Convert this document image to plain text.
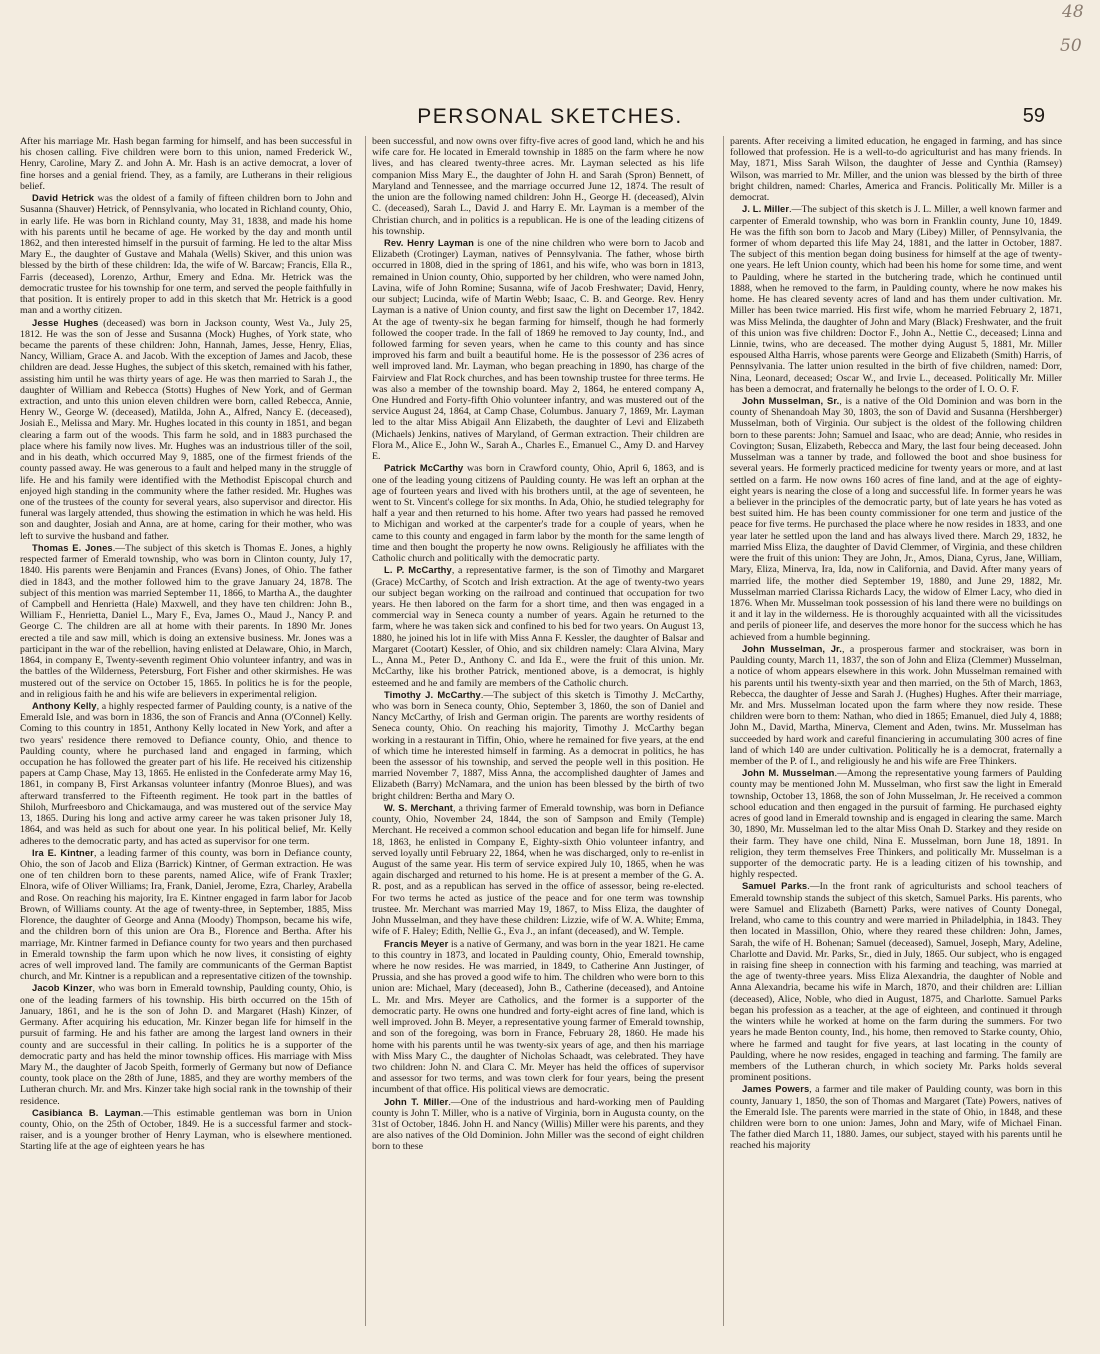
48
50
PERSONAL SKETCHES.	59

After his marriage Mr. Hash began farming for himself, and has been successful in his chosen calling. Five children were born to this union, named Frederick W., Henry, Caroline, Mary Z. and John A. Mr. Hash is an active democrat, a lover of fine horses and a genial friend. They, as a family, are Lutherans in their religious belief.

David Hetrick was the oldest of a family of fifteen children born to John and Susanna (Shauver) Hetrick, of Pennsylvania, who located in Richland county, Ohio, in early life. He was born in Richland county, May 31, 1838, and made his home with his parents until he became of age. He worked by the day and month until 1862, and then interested himself in the pursuit of farming. He led to the altar Miss Mary E., the daughter of Gustave and Mahala (Wells) Skiver, and this union was blessed by the birth of these children: Ida, the wife of W. Barcaw; Francis, Ella R., Farris (deceased), Lorenzo, Arthur, Emery and Edna. Mr. Hetrick was the democratic trustee for his township for one term, and served the people faithfully in that position. It is entirely proper to add in this sketch that Mr. Hetrick is a good man and a worthy citizen.

Jesse Hughes (deceased) was born in Jackson county, West Va., July 25, 1812. He was the son of Jesse and Susanna (Mock) Hughes, of York state, who became the parents of these children: John, Hannah, James, Jesse, Henry, Elias, Nancy, William, Grace A. and Jacob. With the exception of James and Jacob, these children are dead. Jesse Hughes, the subject of this sketch, remained with his father, assisting him until he was thirty years of age. He was then married to Sarah J., the daughter of William and Rebecca (Stotts) Hughes of New York, and of German extraction, and unto this union eleven children were born, called Rebecca, Annie, Henry W., George W. (deceased), Matilda, John A., Alfred, Nancy E. (deceased), Josiah E., Melissa and Mary. Mr. Hughes located in this county in 1851, and began clearing a farm out of the woods. This farm he sold, and in 1883 purchased the place where his family now lives. Mr. Hughes was an industrious tiller of the soil, and in his death, which occurred May 9, 1885, one of the firmest friends of the county passed away. He was generous to a fault and helped many in the struggle of life. He and his family were identified with the Methodist Episcopal church and enjoyed high standing in the community where the father resided. Mr. Hughes was one of the trustees of the county for several years, also supervisor and director. His funeral was largely attended, thus showing the estimation in which he was held. His son and daughter, Josiah and Anna, are at home, caring for their mother, who was left to survive the husband and father.

Thomas E. Jones.—The subject of this sketch is Thomas E. Jones, a highly respected farmer of Emerald township, who was born in Clinton county, July 17, 1840. His parents were Benjamin and Frances (Evans) Jones, of Ohio. The father died in 1843, and the mother followed him to the grave January 24, 1878. The subject of this mention was married September 11, 1866, to Martha A., the daughter of Campbell and Henrietta (Hale) Maxwell, and they have ten children: John B., William F., Henrietta, Daniel L., Mary F., Eva, James O., Maud J., Nancy P. and George C. The children are all at home with their parents. In 1890 Mr. Jones erected a tile and saw mill, which is doing an extensive business. Mr. Jones was a participant in the war of the rebellion, having enlisted at Delaware, Ohio, in March, 1864, in company E, Twenty-seventh regiment Ohio volunteer infantry, and was in the battles of the Wilderness, Petersburg, Fort Fisher and other skirmishes. He was mustered out of the service on October 15, 1865. In politics he is for the people, and in religious faith he and his wife are believers in experimental religion.

Anthony Kelly, a highly respected farmer of Paulding county, is a native of the Emerald Isle, and was born in 1836, the son of Francis and Anna (O'Connel) Kelly. Coming to this country in 1851, Anthony Kelly located in New York, and after a two years' residence there removed to Defiance county, Ohio, and thence to Paulding county, where he purchased land and engaged in farming, which occupation he has followed the greater part of his life. He received his citizenship papers at Camp Chase, May 13, 1865. He enlisted in the Confederate army May 16, 1861, in company B, First Arkansas volunteer infantry (Monroe Blues), and was afterward transferred to the Fifteenth regiment. He took part in the battles of Shiloh, Murfreesboro and Chickamauga, and was mustered out of the service May 13, 1865. During his long and active army career he was taken prisoner July 18, 1864, and was held as such for about one year. In his political belief, Mr. Kelly adheres to the democratic party, and has acted as supervisor for one term.

Ira E. Kintner, a leading farmer of this county, was born in Defiance county, Ohio, the son of Jacob and Eliza (Barrick) Kintner, of German extraction. He was one of ten children born to these parents, named Alice, wife of Frank Traxler; Elnora, wife of Oliver Williams; Ira, Frank, Daniel, Jerome, Ezra, Charley, Arabella and Rose. On reaching his majority, Ira E. Kintner engaged in farm labor for Jacob Brown, of Williams county. At the age of twenty-three, in September, 1885, Miss Florence, the daughter of George and Anna (Moody) Thompson, became his wife, and the children born of this union are Ora B., Florence and Bertha. After his marriage, Mr. Kintner farmed in Defiance county for two years and then purchased in Emerald township the farm upon which he now lives, it consisting of eighty acres of well improved land. The family are communicants of the German Baptist church, and Mr. Kintner is a republican and a representative citizen of the township.

Jacob Kinzer, who was born in Emerald township, Paulding county, Ohio, is one of the leading farmers of his township. His birth occurred on the 15th of January, 1861, and he is the son of John D. and Margaret (Hash) Kinzer, of Germany. After acquiring his education, Mr. Kinzer began life for himself in the pursuit of farming. He and his father are among the largest land owners in their county and are successful in their calling. In politics he is a supporter of the democratic party and has held the minor township offices. His marriage with Miss Mary M., the daughter of Jacob Speith, formerly of Germany but now of Defiance county, took place on the 28th of June, 1885, and they are worthy members of the Lutheran church. Mr. and Mrs. Kinzer take high social rank in the township of their residence.

Casibianca B. Layman.—This estimable gentleman was born in Union county, Ohio, on the 25th of October, 1849. He is a successful farmer and stock-raiser, and is a younger brother of Henry Layman, who is elsewhere mentioned. Starting life at the age of eighteen years he has

been successful, and now owns over fifty-five acres of good land, which he and his wife care for. He located in Emerald township in 1885 on the farm where he now lives, and has cleared twenty-three acres. Mr. Layman selected as his life companion Miss Mary E., the daughter of John H. and Sarah (Spron) Bennett, of Maryland and Tennessee, and the marriage occurred June 12, 1874. The result of the union are the following named children: John H., George H. (deceased), Alvin C. (deceased), Sarah L., David J. and Harry E. Mr. Layman is a member of the Christian church, and in politics is a republican. He is one of the leading citizens of his township.

Rev. Henry Layman is one of the nine children who were born to Jacob and Elizabeth (Crotinger) Layman, natives of Pennsylvania. The father, whose birth occurred in 1808, died in the spring of 1861, and his wife, who was born in 1813, remained in Union county, Ohio, supported by her children, who were named John, Lavina, wife of John Romine; Susanna, wife of Jacob Freshwater; David, Henry, our subject; Lucinda, wife of Martin Webb; Isaac, C. B. and George. Rev. Henry Layman is a native of Union county, and first saw the light on December 17, 1842. At the age of twenty-six he began farming for himself, though he had formerly followed the cooper trade. In the fall of 1869 he removed to Jay county, Ind., and followed farming for seven years, when he came to this county and has since improved his farm and built a beautiful home. He is the possessor of 236 acres of well improved land. Mr. Layman, who began preaching in 1890, has charge of the Fairview and Flat Rock churches, and has been township trustee for three terms. He was also a member of the township board. May 2, 1864, he entered company A, One Hundred and Forty-fifth Ohio volunteer infantry, and was mustered out of the service August 24, 1864, at Camp Chase, Columbus. January 7, 1869, Mr. Layman led to the altar Miss Abigail Ann Elizabeth, the daughter of Levi and Elizabeth (Michaels) Jenkins, natives of Maryland, of German extraction. Their children are Flora M., Alice E., John W., Sarah A., Charles E., Emanuel C., Amy D. and Harvey E.

Patrick McCarthy was born in Crawford county, Ohio, April 6, 1863, and is one of the leading young citizens of Paulding county. He was left an orphan at the age of fourteen years and lived with his brothers until, at the age of seventeen, he went to St. Vincent's college for six months. In Ada, Ohio, he studied telegraphy for half a year and then returned to his home. After two years had passed he removed to Michigan and worked at the carpenter's trade for a couple of years, when he came to this county and engaged in farm labor by the month for the same length of time and then bought the property he now owns. Religiously he affiliates with the Catholic church and politically with the democratic party.

L. P. McCarthy, a representative farmer, is the son of Timothy and Margaret (Grace) McCarthy, of Scotch and Irish extraction. At the age of twenty-two years our subject began working on the railroad and continued that occupation for two years. He then labored on the farm for a short time, and then was engaged in a commercial way in Seneca county a number of years. Again he returned to the farm, where he was taken sick and confined to his bed for two years. On August 13, 1880, he joined his lot in life with Miss Anna F. Kessler, the daughter of Balsar and Margaret (Cootart) Kessler, of Ohio, and six children namely: Clara Alvina, Mary L., Anna M., Peter D., Anthony C. and Ida E., were the fruit of this union. Mr. McCarthy, like his brother Patrick, mentioned above, is a democrat, is highly esteemed and he and family are members of the Catholic church.

Timothy J. McCarthy.—The subject of this sketch is Timothy J. McCarthy, who was born in Seneca county, Ohio, September 3, 1860, the son of Daniel and Nancy McCarthy, of Irish and German origin. The parents are worthy residents of Seneca county, Ohio. On reaching his majority, Timothy J. McCarthy began working in a restaurant in Tiffin, Ohio, where he remained for five years, at the end of which time he interested himself in farming. As a democrat in politics, he has been the assessor of his township, and served the people well in this position. He married November 7, 1887, Miss Anna, the accomplished daughter of James and Elizabeth (Barry) McNamara, and the union has been blessed by the birth of two bright children: Bertha and Mary O.

W. S. Merchant, a thriving farmer of Emerald township, was born in Defiance county, Ohio, November 24, 1844, the son of Sampson and Emily (Temple) Merchant. He received a common school education and began life for himself. June 18, 1863, he enlisted in Company E, Eighty-sixth Ohio volunteer infantry, and served loyally until February 22, 1864, when he was discharged, only to re-enlist in August of the same year. His term of service expired July 10, 1865, when he was again discharged and returned to his home. He is at present a member of the G. A. R. post, and as a republican has served in the office of assessor, being re-elected. For two terms he acted as justice of the peace and for one term was township trustee. Mr. Merchant was married May 19, 1867, to Miss Eliza, the daughter of John Musselman, and they have these children: Lizzie, wife of W. A. White; Emma, wife of F. Haley; Edith, Nellie G., Eva J., an infant (deceased), and W. Temple.

Francis Meyer is a native of Germany, and was born in the year 1821. He came to this country in 1873, and located in Paulding county, Ohio, Emerald township, where he now resides. He was married, in 1849, to Catherine Ann Justinger, of Prussia, and she has proved a good wife to him. The children who were born to this union are: Michael, Mary (deceased), John B., Catherine (deceased), and Antoine L. Mr. and Mrs. Meyer are Catholics, and the former is a supporter of the democratic party. He owns one hundred and forty-eight acres of fine land, which is well improved. John B. Meyer, a representative young farmer of Emerald township, and son of the foregoing, was born in France, February 28, 1860. He made his home with his parents until he was twenty-six years of age, and then his marriage with Miss Mary C., the daughter of Nicholas Schaadt, was celebrated. They have two children: John N. and Clara C. Mr. Meyer has held the offices of supervisor and assessor for two terms, and was town clerk for four years, being the present incumbent of that office. His political views are democratic.

John T. Miller.—One of the industrious and hard-working men of Paulding county is John T. Miller, who is a native of Virginia, born in Augusta county, on the 31st of October, 1846. John H. and Nancy (Willis) Miller were his parents, and they are also natives of the Old Dominion. John Miller was the second of eight children born to these

parents. After receiving a limited education, he engaged in farming, and has since followed that profession. He is a well-to-do agriculturist and has many friends. In May, 1871, Miss Sarah Wilson, the daughter of Jesse and Cynthia (Ramsey) Wilson, was married to Mr. Miller, and the union was blessed by the birth of three bright children, named: Charles, America and Francis. Politically Mr. Miller is a democrat.

J. L. Miller.—The subject of this sketch is J. L. Miller, a well known farmer and carpenter of Emerald township, who was born in Franklin county, June 10, 1849. He was the fifth son born to Jacob and Mary (Libey) Miller, of Pennsylvania, the former of whom departed this life May 24, 1881, and the latter in October, 1887. The subject of this mention began doing business for himself at the age of twenty-one years. He left Union county, which had been his home for some time, and went to Paulding, where he started in the butchering trade, which he continued until 1888, when he removed to the farm, in Paulding county, where he now makes his home. He has cleared seventy acres of land and has them under cultivation. Mr. Miller has been twice married. His first wife, whom he married February 2, 1871, was Miss Melinda, the daughter of John and Mary (Black) Freshwater, and the fruit of this union was five children: Doctor F., John A., Nettie C., deceased; Linna and Linnie, twins, who are deceased. The mother dying August 5, 1881, Mr. Miller espoused Altha Harris, whose parents were George and Elizabeth (Smith) Harris, of Pennsylvania. The latter union resulted in the birth of five children, named: Dorr, Nina, Leonard, deceased; Oscar W., and Irvie L., deceased. Politically Mr. Miller has been a democrat, and fraternally he belongs to the order of I. O. O. F.

John Musselman, Sr., is a native of the Old Dominion and was born in the county of Shenandoah May 30, 1803, the son of David and Susanna (Hershberger) Musselman, both of Virginia. Our subject is the oldest of the following children born to these parents: John; Samuel and Isaac, who are dead; Annie, who resides in Covington; Susan, Elizabeth, Rebecca and Mary, the last four being deceased. John Musselman was a tanner by trade, and followed the boot and shoe business for several years. He formerly practiced medicine for twenty years or more, and at last settled on a farm. He now owns 160 acres of fine land, and at the age of eighty-eight years is nearing the close of a long and successful life. In former years he was a believer in the principles of the democratic party, but of late years he has voted as best suited him. He has been county commissioner for one term and justice of the peace for five terms. He purchased the place where he now resides in 1833, and one year later he settled upon the land and has always lived there. March 29, 1832, he married Miss Eliza, the daughter of David Clemmer, of Virginia, and these children were the fruit of this union: They are John, Jr., Amos, Diana, Cyrus, Jane, William, Mary, Eliza, Minerva, Ira, Ida, now in California, and David. After many years of married life, the mother died September 19, 1880, and June 29, 1882, Mr. Musselman married Clarissa Richards Lacy, the widow of Elmer Lacy, who died in 1876. When Mr. Musselman took possession of his land there were no buildings on it and it lay in the wilderness. He is thoroughly acquainted with all the vicissitudes and perils of pioneer life, and deserves the more honor for the success which he has achieved from a humble beginning.

John Musselman, Jr., a prosperous farmer and stockraiser, was born in Paulding county, March 11, 1837, the son of John and Eliza (Clemmer) Musselman, a notice of whom appears elsewhere in this work. John Musselman remained with his parents until his twenty-sixth year and then married, on the 5th of March, 1863, Rebecca, the daughter of Jesse and Sarah J. (Hughes) Hughes. After their marriage, Mr. and Mrs. Musselman located upon the farm where they now reside. These children were born to them: Nathan, who died in 1865; Emanuel, died July 4, 1888; John M., David, Martha, Minerva, Clement and Aden, twins. Mr. Musselman has succeeded by hard work and careful financiering in accumulating 300 acres of fine land of which 140 are under cultivation. Politically he is a democrat, fraternally a member of the P. of I., and religiously he and his wife are Free Thinkers.

John M. Musselman.—Among the representative young farmers of Paulding county may be mentioned John M. Musselman, who first saw the light in Emerald township, October 13, 1868, the son of John Musselman, Jr. He received a common school education and then engaged in the pursuit of farming. He purchased eighty acres of good land in Emerald township and is engaged in clearing the same. March 30, 1890, Mr. Musselman led to the altar Miss Onah D. Starkey and they reside on their farm. They have one child, Nina E. Musselman, born June 18, 1891. In religion, they term themselves Free Thinkers, and politically Mr. Musselman is a supporter of the democratic party. He is a leading citizen of his township, and highly respected.

Samuel Parks.—In the front rank of agriculturists and school teachers of Emerald township stands the subject of this sketch, Samuel Parks. His parents, who were Samuel and Elizabeth (Barnett) Parks, were natives of County Donegal, Ireland, who came to this country and were married in Philadelphia, in 1843. They then located in Massillon, Ohio, where they reared these children: John, James, Sarah, the wife of H. Bohenan; Samuel (deceased), Samuel, Joseph, Mary, Adeline, Charlotte and David. Mr. Parks, Sr., died in July, 1865. Our subject, who is engaged in raising fine sheep in connection with his farming and teaching, was married at the age of twenty-three years. Miss Eliza Alexandria, the daughter of Noble and Anna Alexandria, became his wife in March, 1870, and their children are: Lillian (deceased), Alice, Noble, who died in August, 1875, and Charlotte. Samuel Parks began his profession as a teacher, at the age of eighteen, and continued it through the winters while he worked at home on the farm during the summers. For two years he made Benton county, Ind., his home, then removed to Starke county, Ohio, where he farmed and taught for five years, at last locating in the county of Paulding, where he now resides, engaged in teaching and farming. The family are members of the Lutheran church, in which society Mr. Parks holds several prominent positions.

James Powers, a farmer and tile maker of Paulding county, was born in this county, January 1, 1850, the son of Thomas and Margaret (Tate) Powers, natives of the Emerald Isle. The parents were married in the state of Ohio, in 1848, and these children were born to one union: James, John and Mary, wife of Michael Finan. The father died March 11, 1880. James, our subject, stayed with his parents until he reached his majority
